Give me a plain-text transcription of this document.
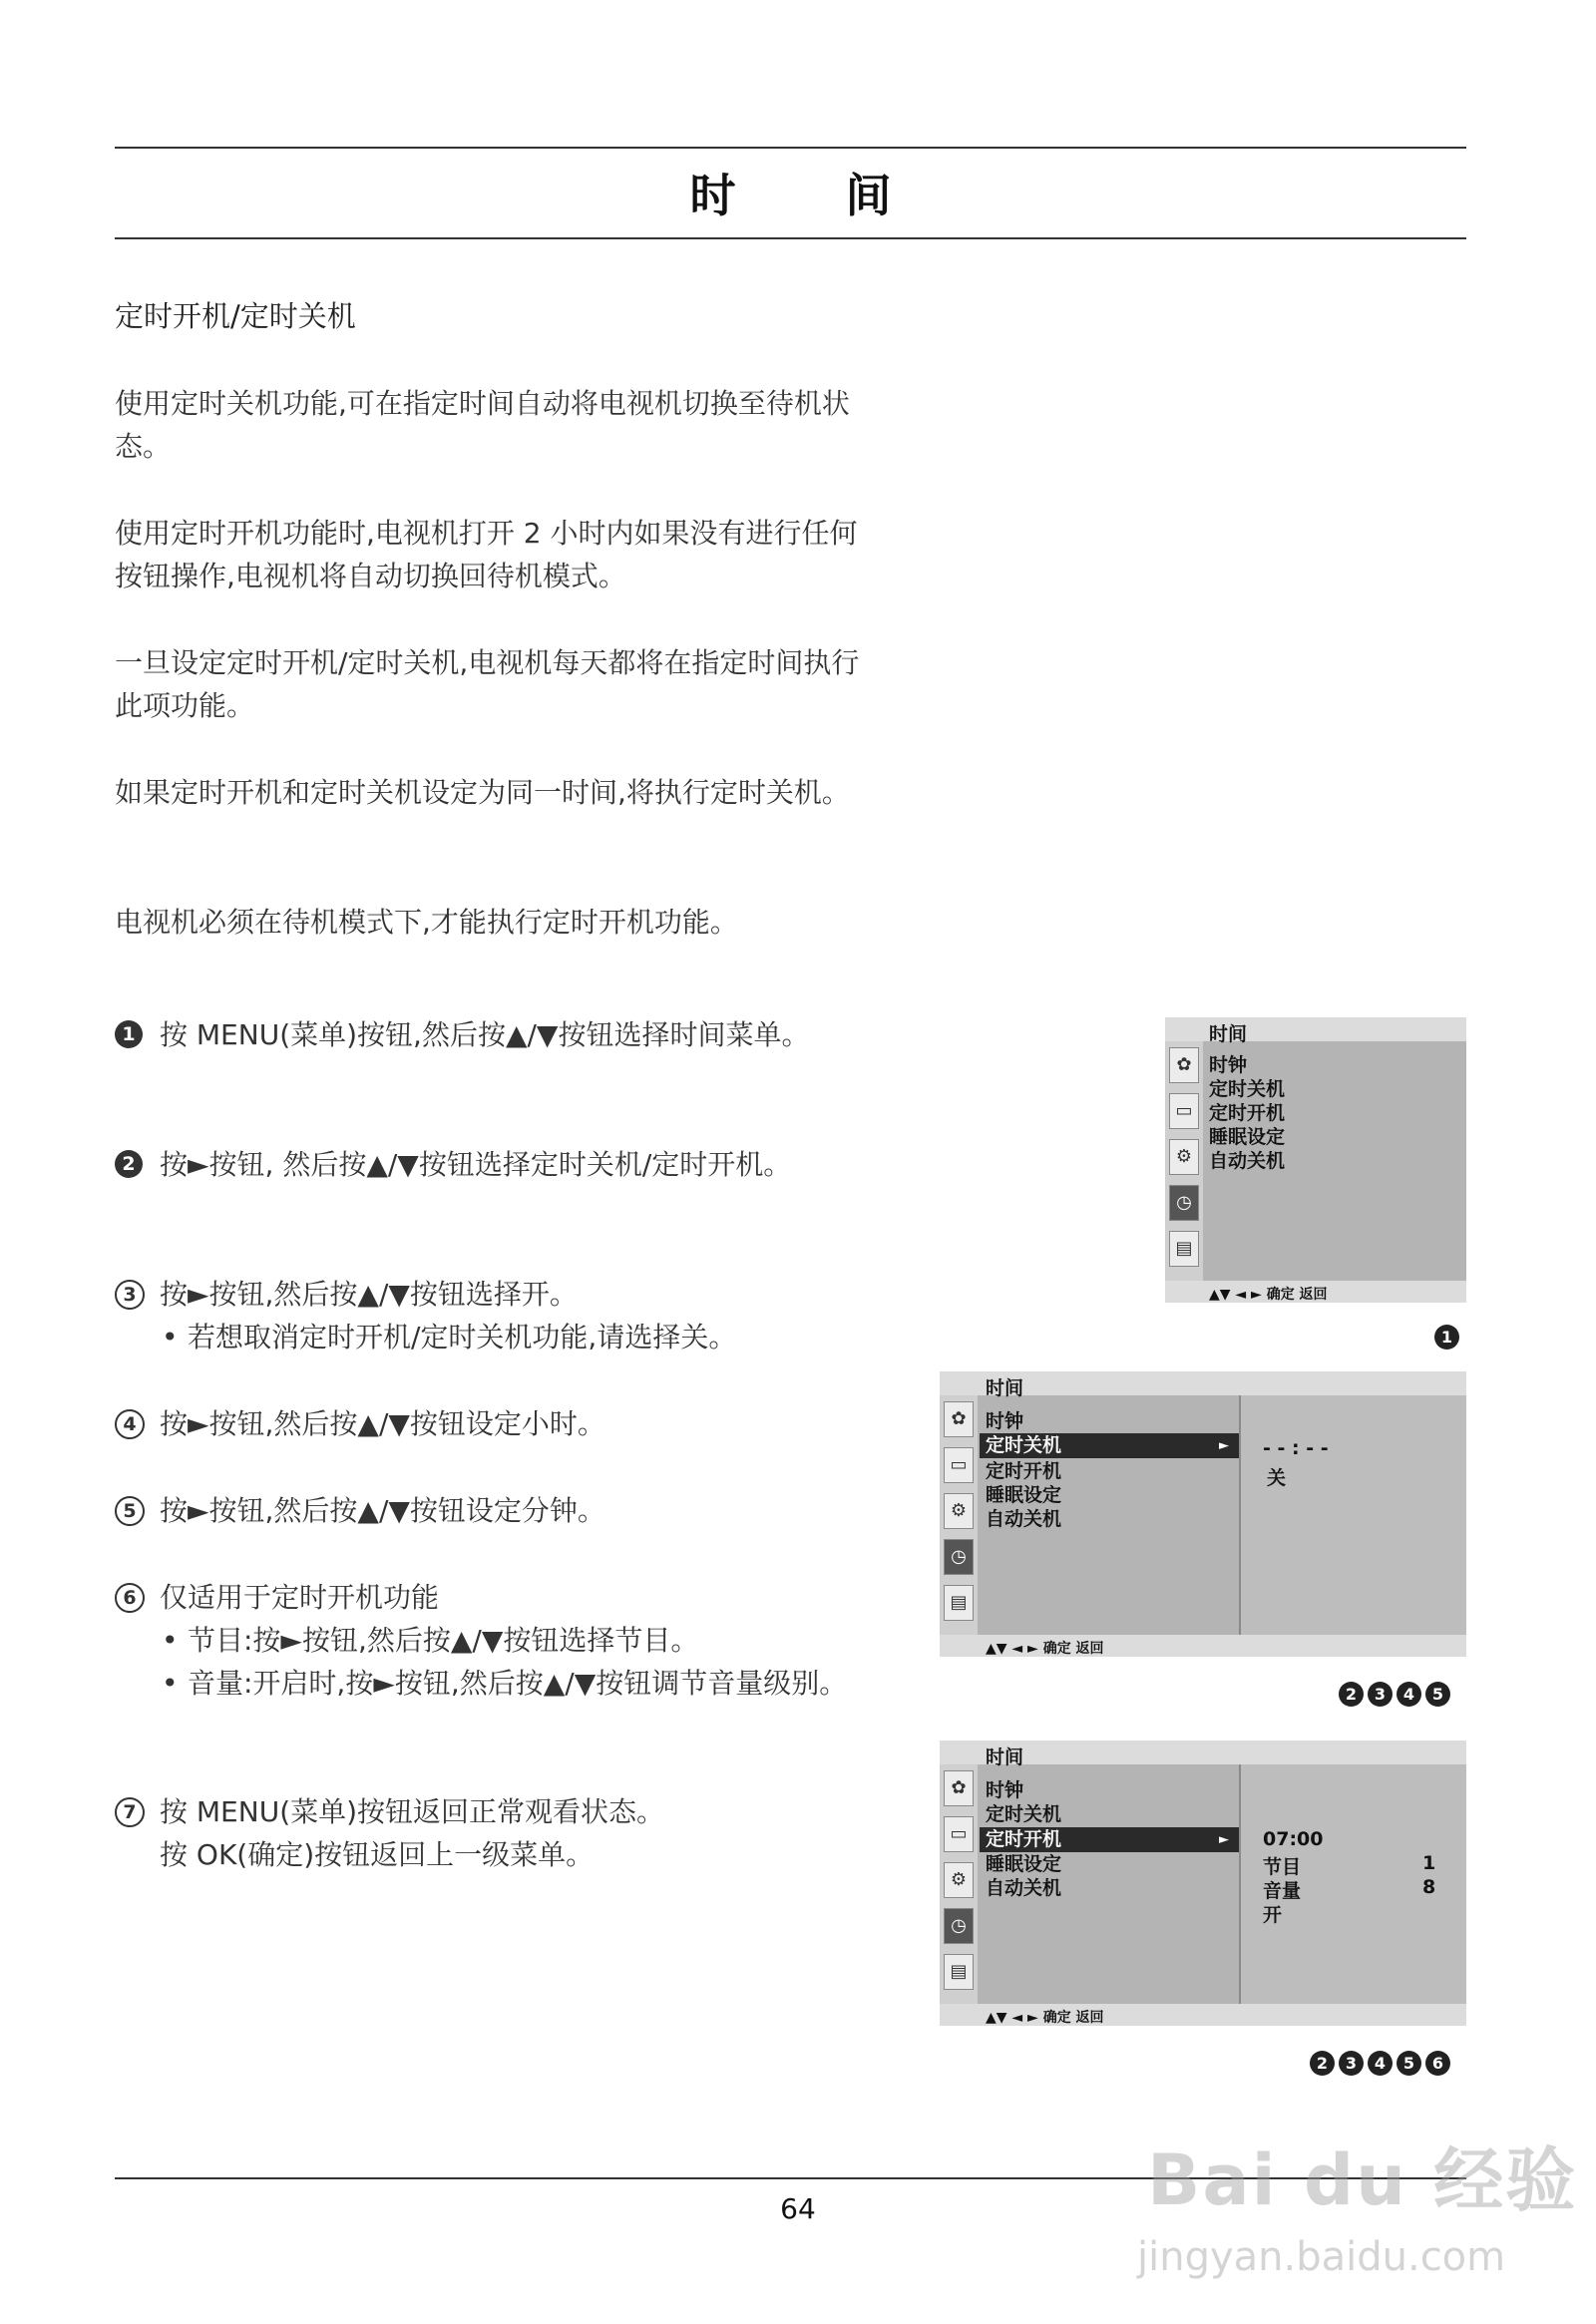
时间
定时开机/定时关机
使用定时关机功能,可在指定时间自动将电视机切换至待机状态。
使用定时开机功能时,电视机打开 2 小时内如果没有进行任何按钮操作,电视机将自动切换回待机模式。
一旦设定定时开机/定时关机,电视机每天都将在指定时间执行此项功能。
如果定时开机和定时关机设定为同一时间,将执行定时关机。
电视机必须在待机模式下,才能执行定时开机功能。
1 按 MENU(菜单)按钮,然后按▲/▼按钮选择时间菜单。
2 按►按钮, 然后按▲/▼按钮选择定时关机/定时开机。
3 按►按钮,然后按▲/▼按钮选择开。
• 若想取消定时开机/定时关机功能,请选择关。
4 按►按钮,然后按▲/▼按钮设定小时。
5 按►按钮,然后按▲/▼按钮设定分钟。
6 仅适用于定时开机功能
• 节目:按►按钮,然后按▲/▼按钮选择节目。
• 音量:开启时,按►按钮,然后按▲/▼按钮调节音量级别。
7 按 MENU(菜单)按钮返回正常观看状态。
按 OK(确定)按钮返回上一级菜单。
时间
✿
▭
⚙
◷
▤
时钟
定时关机
定时开机
睡眠设定
自动关机
▲▼ ◄ ► 确定 返回
1
时间
✿
▭
⚙
◷
▤
时钟
定时关机	►
定时开机
睡眠设定
自动关机
- - : - -
关
▲▼ ◄ ► 确定 返回
2	3	4	5
时间
✿
▭
⚙
◷
▤
时钟
定时关机
定时开机	►
睡眠设定
自动关机
07:00
节目	1
音量	8
开
▲▼ ◄ ► 确定 返回
2	3	4	5	6
64	Bai du 经验
jingyan.baidu.com
